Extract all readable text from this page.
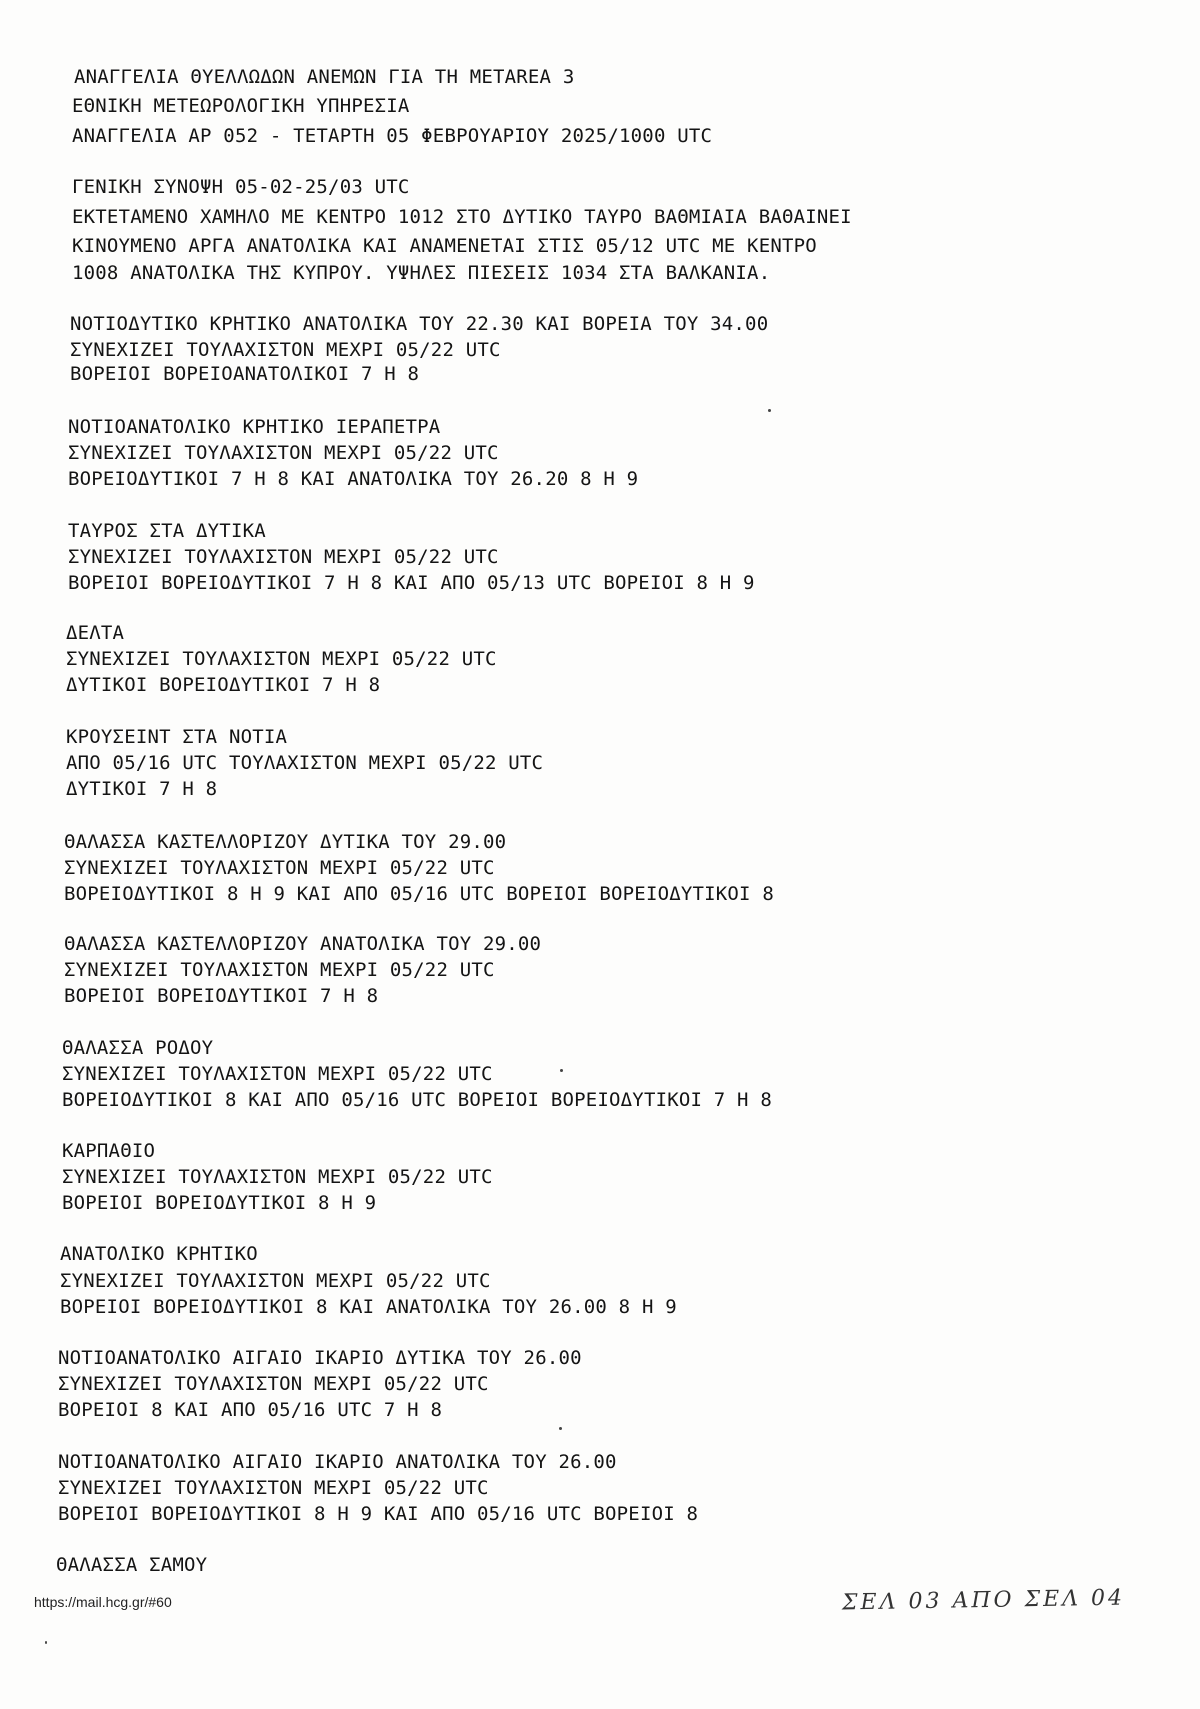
ΑΝΑΓΓΕΛΙΑ ΘΥΕΛΛΩΔΩΝ ΑΝΕΜΩΝ ΓΙΑ ΤΗ METAREA 3
ΕΘΝΙΚΗ ΜΕΤΕΩΡΟΛΟΓΙΚΗ ΥΠΗΡΕΣΙΑ
ΑΝΑΓΓΕΛΙΑ ΑΡ 052 - ΤΕΤΑΡΤΗ 05 ΦΕΒΡΟΥΑΡΙΟΥ 2025/1000 UTC
ΓΕΝΙΚΗ ΣΥΝΟΨΗ 05-02-25/03 UTC
ΕΚΤΕΤΑΜΕΝΟ ΧΑΜΗΛΟ ΜΕ ΚΕΝΤΡΟ 1012 ΣΤΟ ΔΥΤΙΚΟ ΤΑΥΡΟ ΒΑΘΜΙΑΙΑ ΒΑΘΑΙΝΕΙ
ΚΙΝΟΥΜΕΝΟ ΑΡΓΑ ΑΝΑΤΟΛΙΚΑ ΚΑΙ ΑΝΑΜΕΝΕΤΑΙ ΣΤΙΣ 05/12 UTC ΜΕ ΚΕΝΤΡΟ
1008 ΑΝΑΤΟΛΙΚΑ ΤΗΣ ΚΥΠΡΟΥ. ΥΨΗΛΕΣ ΠΙΕΣΕΙΣ 1034 ΣΤΑ ΒΑΛΚΑΝΙΑ.
ΝΟΤΙΟΔΥΤΙΚΟ ΚΡΗΤΙΚΟ ΑΝΑΤΟΛΙΚΑ ΤΟΥ 22.30 ΚΑΙ ΒΟΡΕΙΑ ΤΟΥ 34.00
ΣΥΝΕΧΙΖΕΙ ΤΟΥΛΑΧΙΣΤΟΝ ΜΕΧΡΙ 05/22 UTC
ΒΟΡΕΙΟΙ ΒΟΡΕΙΟΑΝΑΤΟΛΙΚΟΙ 7 Η 8
ΝΟΤΙΟΑΝΑΤΟΛΙΚΟ ΚΡΗΤΙΚΟ ΙΕΡΑΠΕΤΡΑ
ΣΥΝΕΧΙΖΕΙ ΤΟΥΛΑΧΙΣΤΟΝ ΜΕΧΡΙ 05/22 UTC
ΒΟΡΕΙΟΔΥΤΙΚΟΙ 7 Η 8 ΚΑΙ ΑΝΑΤΟΛΙΚΑ ΤΟΥ 26.20 8 Η 9
ΤΑΥΡΟΣ ΣΤΑ ΔΥΤΙΚΑ
ΣΥΝΕΧΙΖΕΙ ΤΟΥΛΑΧΙΣΤΟΝ ΜΕΧΡΙ 05/22 UTC
ΒΟΡΕΙΟΙ ΒΟΡΕΙΟΔΥΤΙΚΟΙ 7 Η 8 ΚΑΙ ΑΠΟ 05/13 UTC ΒΟΡΕΙΟΙ 8 Η 9
ΔΕΛΤΑ
ΣΥΝΕΧΙΖΕΙ ΤΟΥΛΑΧΙΣΤΟΝ ΜΕΧΡΙ 05/22 UTC
ΔΥΤΙΚΟΙ ΒΟΡΕΙΟΔΥΤΙΚΟΙ 7 Η 8
ΚΡΟΥΣΕΙΝΤ ΣΤΑ ΝΟΤΙΑ
ΑΠΟ 05/16 UTC ΤΟΥΛΑΧΙΣΤΟΝ ΜΕΧΡΙ 05/22 UTC
ΔΥΤΙΚΟΙ 7 Η 8
ΘΑΛΑΣΣΑ ΚΑΣΤΕΛΛΟΡΙΖΟΥ ΔΥΤΙΚΑ ΤΟΥ 29.00
ΣΥΝΕΧΙΖΕΙ ΤΟΥΛΑΧΙΣΤΟΝ ΜΕΧΡΙ 05/22 UTC
ΒΟΡΕΙΟΔΥΤΙΚΟΙ 8 Η 9 ΚΑΙ ΑΠΟ 05/16 UTC ΒΟΡΕΙΟΙ ΒΟΡΕΙΟΔΥΤΙΚΟΙ 8
ΘΑΛΑΣΣΑ ΚΑΣΤΕΛΛΟΡΙΖΟΥ ΑΝΑΤΟΛΙΚΑ ΤΟΥ 29.00
ΣΥΝΕΧΙΖΕΙ ΤΟΥΛΑΧΙΣΤΟΝ ΜΕΧΡΙ 05/22 UTC
ΒΟΡΕΙΟΙ ΒΟΡΕΙΟΔΥΤΙΚΟΙ 7 Η 8
ΘΑΛΑΣΣΑ ΡΟΔΟΥ
ΣΥΝΕΧΙΖΕΙ ΤΟΥΛΑΧΙΣΤΟΝ ΜΕΧΡΙ 05/22 UTC
ΒΟΡΕΙΟΔΥΤΙΚΟΙ 8 ΚΑΙ ΑΠΟ 05/16 UTC ΒΟΡΕΙΟΙ ΒΟΡΕΙΟΔΥΤΙΚΟΙ 7 Η 8
ΚΑΡΠΑΘΙΟ
ΣΥΝΕΧΙΖΕΙ ΤΟΥΛΑΧΙΣΤΟΝ ΜΕΧΡΙ 05/22 UTC
ΒΟΡΕΙΟΙ ΒΟΡΕΙΟΔΥΤΙΚΟΙ 8 Η 9
ΑΝΑΤΟΛΙΚΟ ΚΡΗΤΙΚΟ
ΣΥΝΕΧΙΖΕΙ ΤΟΥΛΑΧΙΣΤΟΝ ΜΕΧΡΙ 05/22 UTC
ΒΟΡΕΙΟΙ ΒΟΡΕΙΟΔΥΤΙΚΟΙ 8 ΚΑΙ ΑΝΑΤΟΛΙΚΑ ΤΟΥ 26.00 8 Η 9
ΝΟΤΙΟΑΝΑΤΟΛΙΚΟ ΑΙΓΑΙΟ ΙΚΑΡΙΟ ΔΥΤΙΚΑ ΤΟΥ 26.00
ΣΥΝΕΧΙΖΕΙ ΤΟΥΛΑΧΙΣΤΟΝ ΜΕΧΡΙ 05/22 UTC
ΒΟΡΕΙΟΙ 8 ΚΑΙ ΑΠΟ 05/16 UTC 7 Η 8
ΝΟΤΙΟΑΝΑΤΟΛΙΚΟ ΑΙΓΑΙΟ ΙΚΑΡΙΟ ΑΝΑΤΟΛΙΚΑ ΤΟΥ 26.00
ΣΥΝΕΧΙΖΕΙ ΤΟΥΛΑΧΙΣΤΟΝ ΜΕΧΡΙ 05/22 UTC
ΒΟΡΕΙΟΙ ΒΟΡΕΙΟΔΥΤΙΚΟΙ 8 Η 9 ΚΑΙ ΑΠΟ 05/16 UTC ΒΟΡΕΙΟΙ 8
ΘΑΛΑΣΣΑ ΣΑΜΟΥ
https://mail.hcg.gr/#60	ΣΕΛ 03 ΑΠΟ ΣΕΛ 04
